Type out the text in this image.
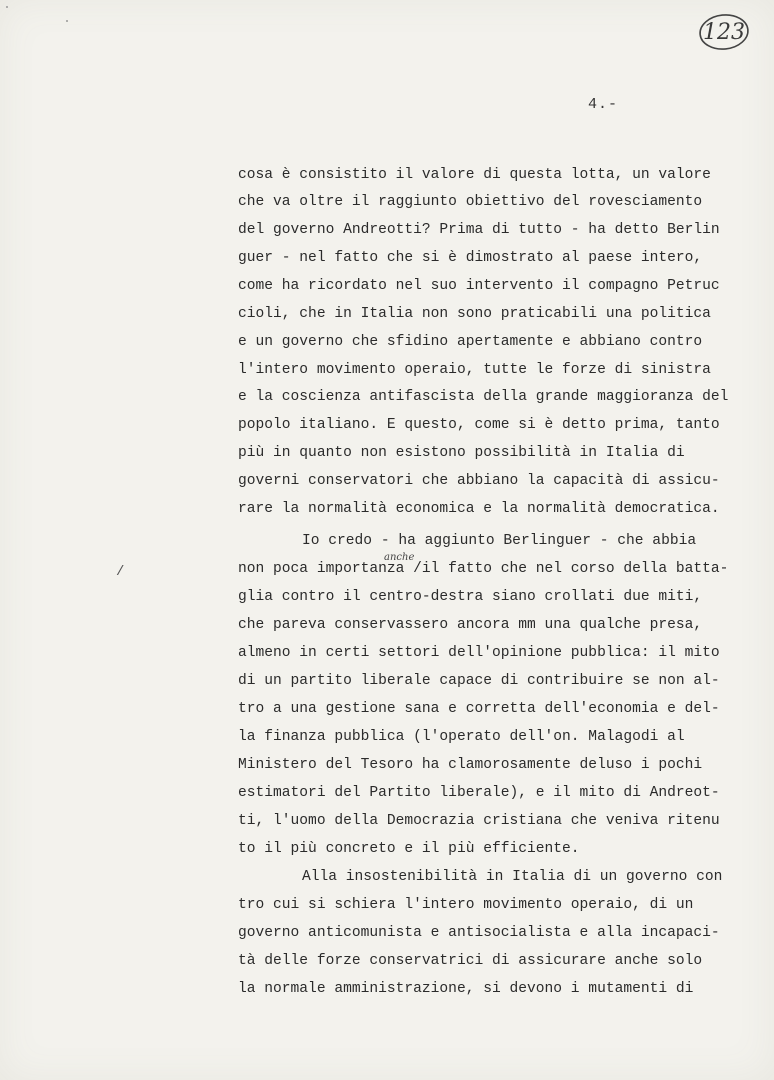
123
4.-
cosa è consistito il valore di questa lotta, un valore
che va oltre il raggiunto obiettivo del rovesciamento
del governo Andreotti? Prima di tutto - ha detto Berlin
guer - nel fatto che si è dimostrato al paese intero,
come ha ricordato nel suo intervento il compagno Petruc
cioli, che in Italia non sono praticabili una politica
e un governo che sfidino apertamente e abbiano contro
l'intero movimento operaio, tutte le forze di sinistra
e la coscienza antifascista della grande maggioranza del
popolo italiano. E questo, come si è detto prima, tanto
più in quanto non esistono possibilità in Italia di
governi conservatori che abbiano la capacità di assicu-
rare la normalità economica e la normalità democratica.
Io credo - ha aggiunto Berlinguer - che abbia
non poca importanza /il fatto che nel corso della batta-
glia contro il centro-destra siano crollati due miti,
che pareva conservassero ancora mm una qualche presa,
almeno in certi settori dell'opinione pubblica: il mito
di un partito liberale capace di contribuire se non al-
tro a una gestione sana e corretta dell'economia e del-
la finanza pubblica (l'operato dell'on. Malagodi al
Ministero del Tesoro ha clamorosamente deluso i pochi
estimatori del Partito liberale), e il mito di Andreot-
ti, l'uomo della Democrazia cristiana che veniva ritenu
to il più concreto e il più efficiente.
Alla insostenibilità in Italia di un governo con
tro cui si schiera l'intero movimento operaio, di un
governo anticomunista e antisocialista e alla incapaci-
tà delle forze conservatrici di assicurare anche solo
la normale amministrazione, si devono i mutamenti di
anche
/
